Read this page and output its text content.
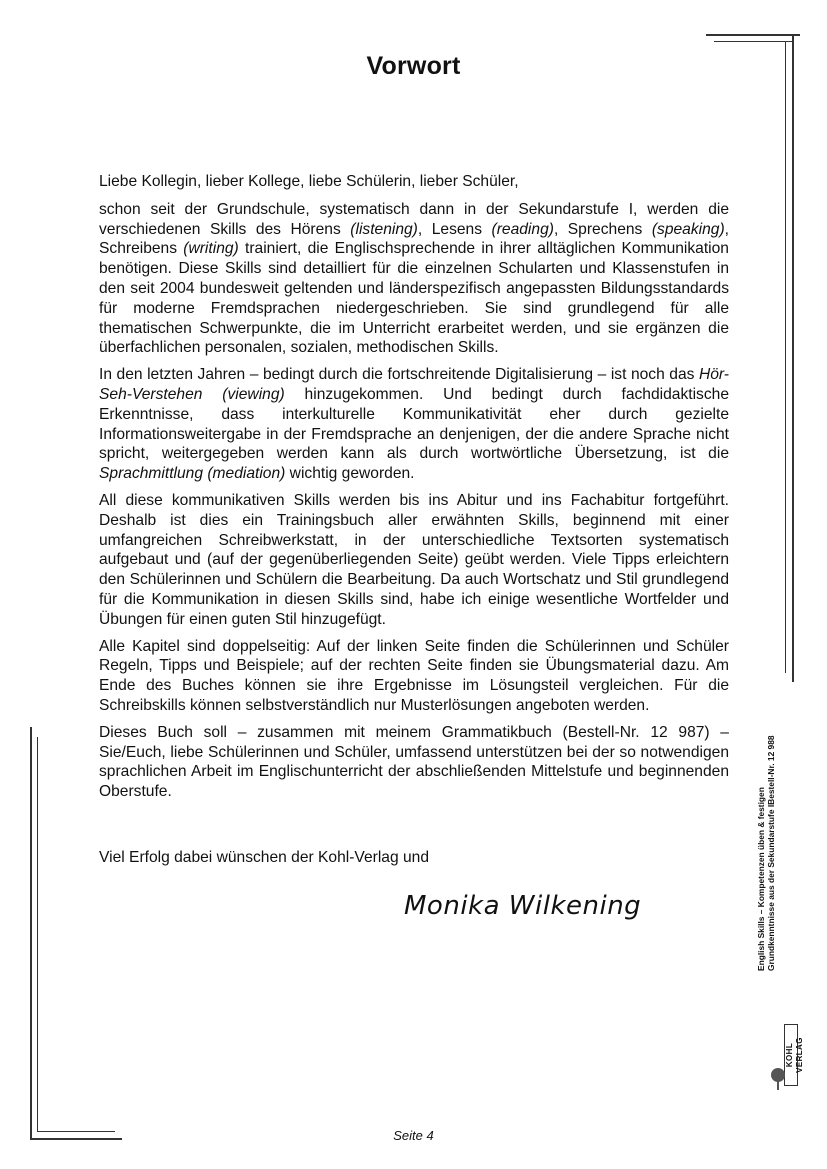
Vorwort

Liebe Kollegin, lieber Kollege, liebe Schülerin, lieber Schüler,

schon seit der Grundschule, systematisch dann in der Sekundarstufe I, werden die verschiedenen Skills des Hörens (listening), Lesens (reading), Sprechens (speaking), Schreibens (writing) trainiert, die Englischsprechende in ihrer alltäglichen Kommunikation benötigen. Diese Skills sind detailliert für die einzelnen Schularten und Klassenstufen in den seit 2004 bundesweit geltenden und länderspezifisch angepassten Bildungsstandards für moderne Fremdsprachen niedergeschrieben. Sie sind grundlegend für alle thematischen Schwerpunkte, die im Unterricht erarbeitet werden, und sie ergänzen die überfachlichen personalen, sozialen, methodischen Skills.

In den letzten Jahren – bedingt durch die fortschreitende Digitalisierung – ist noch das Hör-Seh-Verstehen (viewing) hinzugekommen. Und bedingt durch fachdidaktische Erkenntnisse, dass interkulturelle Kommunikativität eher durch gezielte Informationsweitergabe in der Fremdsprache an denjenigen, der die andere Sprache nicht spricht, weitergegeben werden kann als durch wortwörtliche Übersetzung, ist die Sprachmittlung (mediation) wichtig geworden.

All diese kommunikativen Skills werden bis ins Abitur und ins Fachabitur fortgeführt. Deshalb ist dies ein Trainingsbuch aller erwähnten Skills, beginnend mit einer umfangreichen Schreibwerkstatt, in der unterschiedliche Textsorten systematisch aufgebaut und (auf der gegenüberliegenden Seite) geübt werden. Viele Tipps erleichtern den Schülerinnen und Schülern die Bearbeitung. Da auch Wortschatz und Stil grundlegend für die Kommunikation in diesen Skills sind, habe ich einige wesentliche Wortfelder und Übungen für einen guten Stil hinzugefügt.

Alle Kapitel sind doppelseitig: Auf der linken Seite finden die Schülerinnen und Schüler Regeln, Tipps und Beispiele; auf der rechten Seite finden sie Übungsmaterial dazu. Am Ende des Buches können sie ihre Ergebnisse im Lösungsteil vergleichen. Für die Schreibskills können selbstverständlich nur Musterlösungen angeboten werden.

Dieses Buch soll – zusammen mit meinem Grammatikbuch (Bestell-Nr. 12 987) – Sie/Euch, liebe Schülerinnen und Schüler, umfassend unterstützen bei der so notwendigen sprachlichen Arbeit im Englischunterricht der abschließenden Mittelstufe und beginnenden Oberstufe.

Viel Erfolg dabei wünschen der Kohl-Verlag und
Monika Wilkening	English Skills – Kompetenzen üben & festigen Grundkenntnisse aus der Sekundarstufe I
Bestell-Nr. 12 988
KOHL VERLAG
Seite 4
